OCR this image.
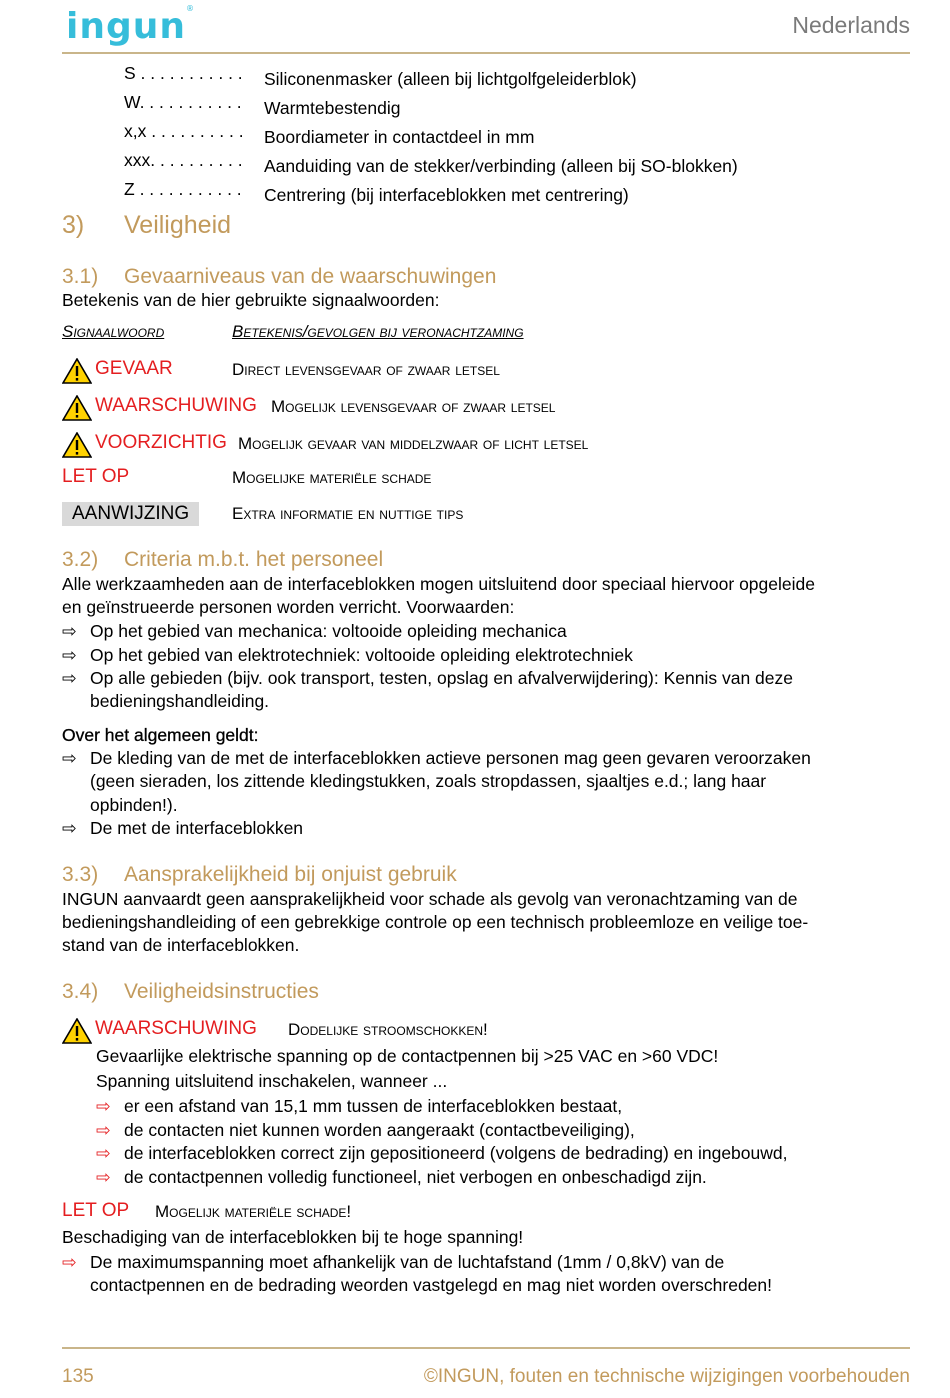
ingun®
Nederlands
S . . . . . . . . . . . Siliconenmasker (alleen bij lichtgolfgeleiderblok)
W. . . . . . . . . . . Warmtebestendig
x,x . . . . . . . . . . Boordiameter in contactdeel in mm
xxx. . . . . . . . . . Aanduiding van de stekker/verbinding (alleen bij SO-blokken)
Z . . . . . . . . . . . Centrering (bij interfaceblokken met centrering)
3) Veiligheid
3.1) Gevaarniveaus van de waarschuwingen
Betekenis van de hier gebruikte signaalwoorden:
Signaalwoord	Betekenis/gevolgen bij veronachtzaming
GEVAAR	Direct levensgevaar of zwaar letsel
WAARSCHUWING Mogelijk levensgevaar of zwaar letsel
VOORZICHTIG Mogelijk gevaar van middelzwaar of licht letsel
LET OP	Mogelijke materiële schade
AANWIJZING	Extra informatie en nuttige tips
3.2) Criteria m.b.t. het personeel
Alle werkzaamheden aan de interfaceblokken mogen uitsluitend door speciaal hiervoor opgeleide
en geïnstrueerde personen worden verricht. Voorwaarden:
⇨ Op het gebied van mechanica: voltooide opleiding mechanica
⇨ Op het gebied van elektrotechniek: voltooide opleiding elektrotechniek
⇨ Op alle gebieden (bijv. ook transport, testen, opslag en afvalverwijdering): Kennis van deze
bedieningshandleiding.
Over het algemeen geldt:
⇨ De kleding van de met de interfaceblokken actieve personen mag geen gevaren veroorzaken
(geen sieraden, los zittende kledingstukken, zoals stropdassen, sjaaltjes e.d.; lang haar
opbinden!).
⇨ De met de interfaceblokken
3.3) Aansprakelijkheid bij onjuist gebruik
INGUN aanvaardt geen aansprakelijkheid voor schade als gevolg van veronachtzaming van de
bedieningshandleiding of een gebrekkige controle op een technisch probleemloze en veilige toe-
stand van de interfaceblokken.
3.4) Veiligheidsinstructies
WAARSCHUWING Dodelijke stroomschokken!
Gevaarlijke elektrische spanning op de contactpennen bij >25 VAC en >60 VDC!
Spanning uitsluitend inschakelen, wanneer ...
⇨ er een afstand van 15,1 mm tussen de interfaceblokken bestaat,
⇨ de contacten niet kunnen worden aangeraakt (contactbeveiliging),
⇨ de interfaceblokken correct zijn gepositioneerd (volgens de bedrading) en ingebouwd,
⇨ de contactpennen volledig functioneel, niet verbogen en onbeschadigd zijn.
LET OP Mogelijk materiële schade!
Beschadiging van de interfaceblokken bij te hoge spanning!
⇨ De maximumspanning moet afhankelijk van de luchtafstand (1mm / 0,8kV) van de
contactpennen en de bedrading weorden vastgelegd en mag niet worden overschreden!
135	©INGUN, fouten en technische wijzigingen voorbehouden
